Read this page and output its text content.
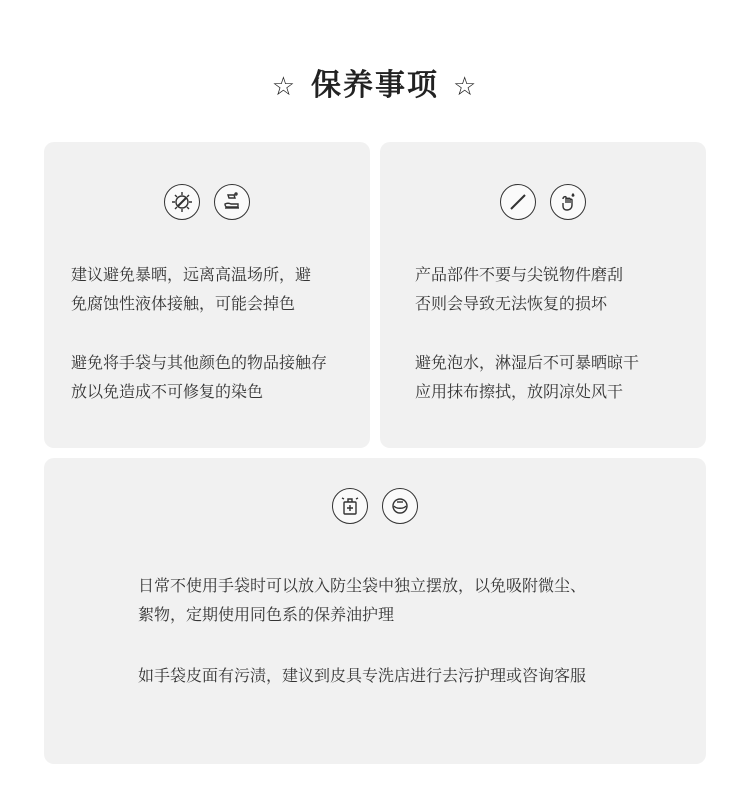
☆ 保养事项 ☆

建议避免暴晒，远离高温场所，避
免腐蚀性液体接触，可能会掉色

避免将手袋与其他颜色的物品接触存
放以免造成不可修复的染色

产品部件不要与尖锐物件磨刮
否则会导致无法恢复的损坏

避免泡水，淋湿后不可暴晒晾干
应用抹布擦拭，放阴凉处风干

日常不使用手袋时可以放入防尘袋中独立摆放，以免吸附微尘、
絮物，定期使用同色系的保养油护理

如手袋皮面有污渍，建议到皮具专洗店进行去污护理或咨询客服
